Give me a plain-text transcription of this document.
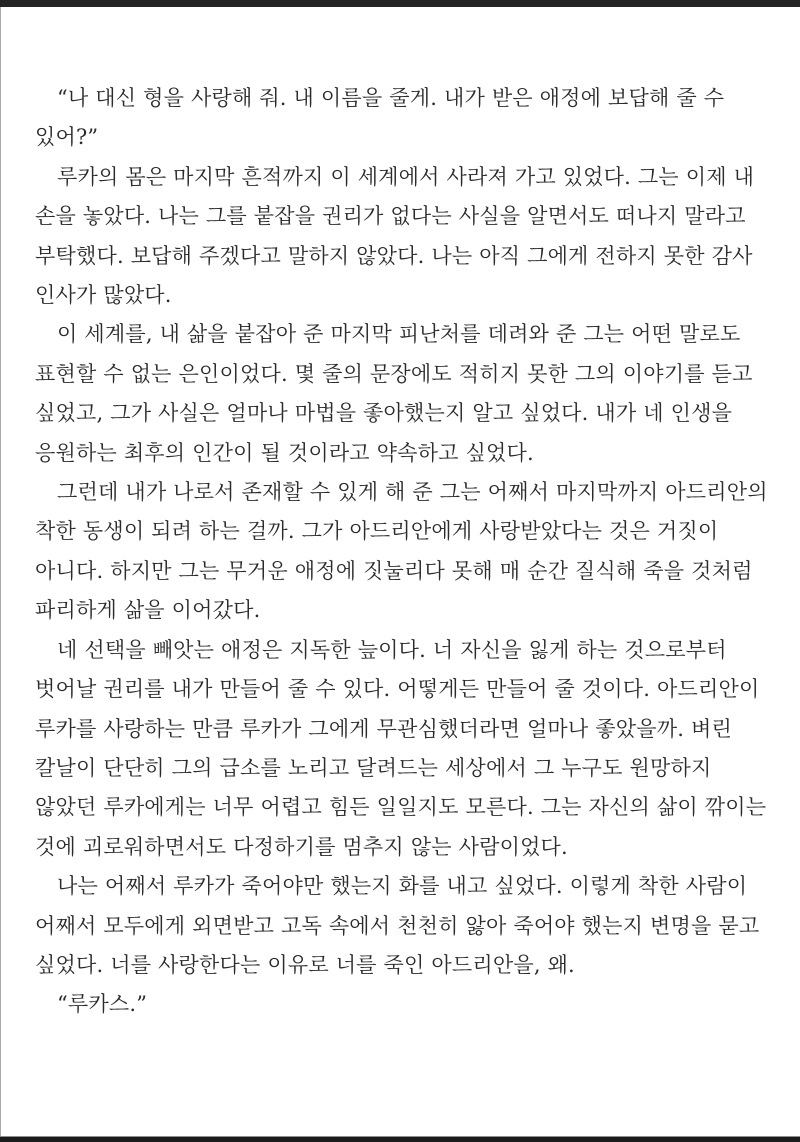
“나 대신 형을 사랑해 줘. 내 이름을 줄게. 내가 받은 애정에 보답해 줄 수
있어?”
루카의 몸은 마지막 흔적까지 이 세계에서 사라져 가고 있었다. 그는 이제 내
손을 놓았다. 나는 그를 붙잡을 권리가 없다는 사실을 알면서도 떠나지 말라고
부탁했다. 보답해 주겠다고 말하지 않았다. 나는 아직 그에게 전하지 못한 감사
인사가 많았다.
이 세계를, 내 삶을 붙잡아 준 마지막 피난처를 데려와 준 그는 어떤 말로도
표현할 수 없는 은인이었다. 몇 줄의 문장에도 적히지 못한 그의 이야기를 듣고
싶었고, 그가 사실은 얼마나 마법을 좋아했는지 알고 싶었다. 내가 네 인생을
응원하는 최후의 인간이 될 것이라고 약속하고 싶었다.
그런데 내가 나로서 존재할 수 있게 해 준 그는 어째서 마지막까지 아드리안의
착한 동생이 되려 하는 걸까. 그가 아드리안에게 사랑받았다는 것은 거짓이
아니다. 하지만 그는 무거운 애정에 짓눌리다 못해 매 순간 질식해 죽을 것처럼
파리하게 삶을 이어갔다.
네 선택을 빼앗는 애정은 지독한 늪이다. 너 자신을 잃게 하는 것으로부터
벗어날 권리를 내가 만들어 줄 수 있다. 어떻게든 만들어 줄 것이다. 아드리안이
루카를 사랑하는 만큼 루카가 그에게 무관심했더라면 얼마나 좋았을까. 벼린
칼날이 단단히 그의 급소를 노리고 달려드는 세상에서 그 누구도 원망하지
않았던 루카에게는 너무 어렵고 힘든 일일지도 모른다. 그는 자신의 삶이 깎이는
것에 괴로워하면서도 다정하기를 멈추지 않는 사람이었다.
나는 어째서 루카가 죽어야만 했는지 화를 내고 싶었다. 이렇게 착한 사람이
어째서 모두에게 외면받고 고독 속에서 천천히 앓아 죽어야 했는지 변명을 묻고
싶었다. 너를 사랑한다는 이유로 너를 죽인 아드리안을, 왜.
“루카스.”
